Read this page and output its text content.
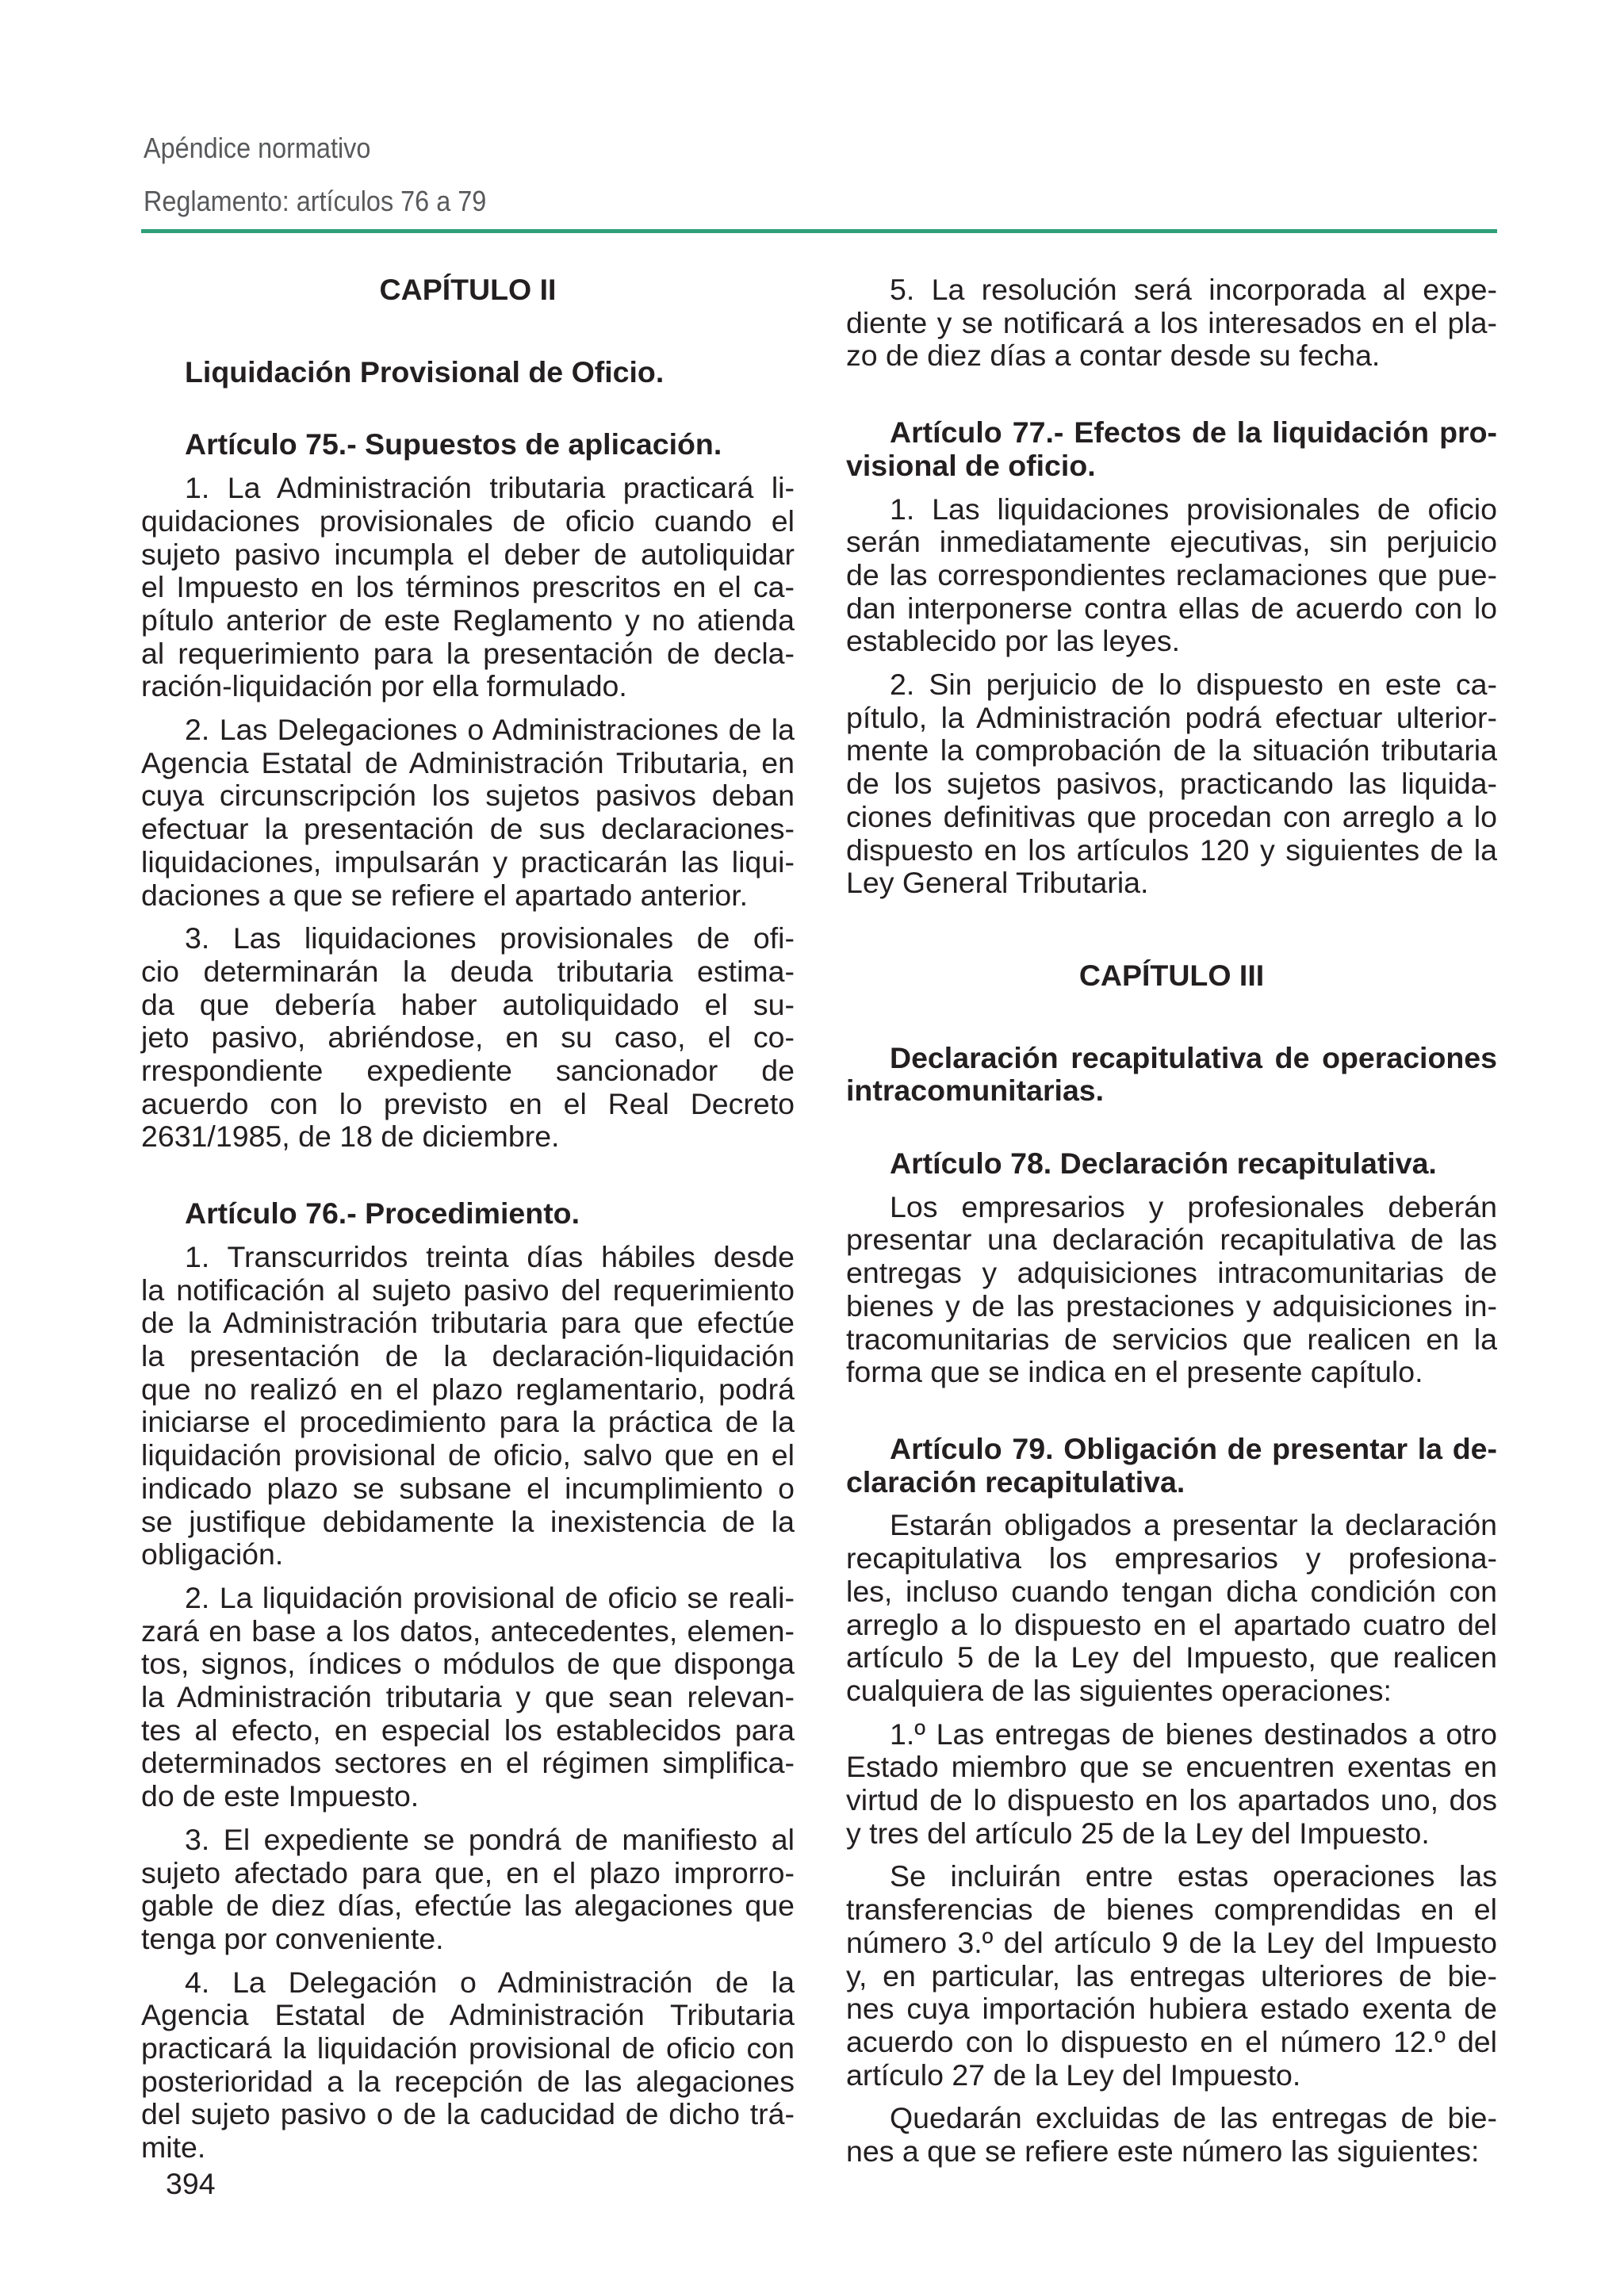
Apéndice normativo
Reglamento: artículos 76 a 79
CAPÍTULO II
Liquidación Provisional de Oficio.
Artículo 75.- Supuestos de aplicación.
1. La Administración tributaria practicará li-
quidaciones provisionales de oficio cuando el
sujeto pasivo incumpla el deber de autoliquidar
el Impuesto en los términos prescritos en el ca-
pítulo anterior de este Reglamento y no atienda
al requerimiento para la presentación de decla-
ración-liquidación por ella formulado.
2. Las Delegaciones o Administraciones de la
Agencia Estatal de Administración Tributaria, en
cuya circunscripción los sujetos pasivos deban
efectuar la presentación de sus declaraciones-
liquidaciones, impulsarán y practicarán las liqui-
daciones a que se refiere el apartado anterior.
3. Las liquidaciones provisionales de ofi-
cio determinarán la deuda tributaria estima-
da que debería haber autoliquidado el su-
jeto pasivo, abriéndose, en su caso, el co-
rrespondiente expediente sancionador de
acuerdo con lo previsto en el Real Decreto
2631/1985, de 18 de diciembre.
Artículo 76.- Procedimiento.
1. Transcurridos treinta días hábiles desde
la notificación al sujeto pasivo del requerimiento
de la Administración tributaria para que efectúe
la presentación de la declaración-liquidación
que no realizó en el plazo reglamentario, podrá
iniciarse el procedimiento para la práctica de la
liquidación provisional de oficio, salvo que en el
indicado plazo se subsane el incumplimiento o
se justifique debidamente la inexistencia de la
obligación.
2. La liquidación provisional de oficio se reali-
zará en base a los datos, antecedentes, elemen-
tos, signos, índices o módulos de que disponga
la Administración tributaria y que sean relevan-
tes al efecto, en especial los establecidos para
determinados sectores en el régimen simplifica-
do de este Impuesto.
3. El expediente se pondrá de manifiesto al
sujeto afectado para que, en el plazo improrro-
gable de diez días, efectúe las alegaciones que
tenga por conveniente.
4. La Delegación o Administración de la
Agencia Estatal de Administración Tributaria
practicará la liquidación provisional de oficio con
posterioridad a la recepción de las alegaciones
del sujeto pasivo o de la caducidad de dicho trá-
mite.
5. La resolución será incorporada al expe-
diente y se notificará a los interesados en el pla-
zo de diez días a contar desde su fecha.
Artículo 77.- Efectos de la liquidación pro-
visional de oficio.
1. Las liquidaciones provisionales de oficio
serán inmediatamente ejecutivas, sin perjuicio
de las correspondientes reclamaciones que pue-
dan interponerse contra ellas de acuerdo con lo
establecido por las leyes.
2. Sin perjuicio de lo dispuesto en este ca-
pítulo, la Administración podrá efectuar ulterior-
mente la comprobación de la situación tributaria
de los sujetos pasivos, practicando las liquida-
ciones definitivas que procedan con arreglo a lo
dispuesto en los artículos 120 y siguientes de la
Ley General Tributaria.
CAPÍTULO III
Declaración recapitulativa de operaciones
intracomunitarias.
Artículo 78. Declaración recapitulativa.
Los empresarios y profesionales deberán
presentar una declaración recapitulativa de las
entregas y adquisiciones intracomunitarias de
bienes y de las prestaciones y adquisiciones in-
tracomunitarias de servicios que realicen en la
forma que se indica en el presente capítulo.
Artículo 79. Obligación de presentar la de-
claración recapitulativa.
Estarán obligados a presentar la declaración
recapitulativa los empresarios y profesiona-
les, incluso cuando tengan dicha condición con
arreglo a lo dispuesto en el apartado cuatro del
artículo 5 de la Ley del Impuesto, que realicen
cualquiera de las siguientes operaciones:
1.º Las entregas de bienes destinados a otro
Estado miembro que se encuentren exentas en
virtud de lo dispuesto en los apartados uno, dos
y tres del artículo 25 de la Ley del Impuesto.
Se incluirán entre estas operaciones las
transferencias de bienes comprendidas en el
número 3.º del artículo 9 de la Ley del Impuesto
y, en particular, las entregas ulteriores de bie-
nes cuya importación hubiera estado exenta de
acuerdo con lo dispuesto en el número 12.º del
artículo 27 de la Ley del Impuesto.
Quedarán excluidas de las entregas de bie-
nes a que se refiere este número las siguientes:
394
